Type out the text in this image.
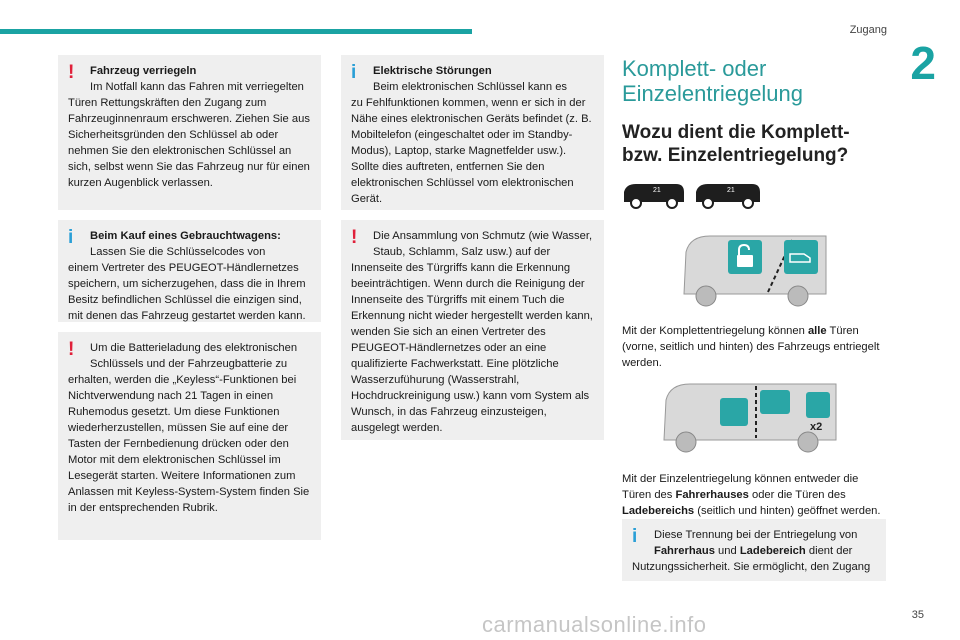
Zugang
2
!	Fahrzeug verriegeln
Im Notfall kann das Fahren mit verriegelten

Türen Rettungskräften den Zugang zum Fahrzeuginnenraum erschweren. Ziehen Sie aus Sicherheitsgründen den Schlüssel ab oder nehmen Sie den elektronischen Schlüssel an sich, selbst wenn Sie das Fahrzeug nur für einen kurzen Augenblick verlassen.

i	Beim Kauf eines Gebrauchtwagens:
Lassen Sie die Schlüsselcodes von

einem Vertreter des PEUGEOT-Händlernetzes speichern, um sicherzugehen, dass die in Ihrem Besitz befindlichen Schlüssel die einzigen sind, mit denen das Fahrzeug gestartet werden kann.

!	Um die Batterieladung des elektronischen Schlüssels und der Fahrzeugbatterie zu

erhalten, werden die „Keyless“-Funktionen bei Nichtverwendung nach 21 Tagen in einen Ruhemodus gesetzt. Um diese Funktionen wiederherzustellen, müssen Sie auf eine der Tasten der Fernbedienung drücken oder den Motor mit dem elektronischen Schlüssel im Lesegerät starten. Weitere Informationen zum Anlassen mit Keyless-System-System finden Sie in der entsprechenden Rubrik.

i	Elektrische Störungen
Beim elektronischen Schlüssel kann es

zu Fehlfunktionen kommen, wenn er sich in der Nähe eines elektronischen Geräts befindet (z. B. Mobiltelefon (eingeschaltet oder im Standby-Modus), Laptop, starke Magnetfelder usw.). Sollte dies auftreten, entfernen Sie den elektronischen Schlüssel vom elektronischen Gerät.

!	Die Ansammlung von Schmutz (wie Wasser, Staub, Schlamm, Salz usw.) auf der

Innenseite des Türgriffs kann die Erkennung beeinträchtigen. Wenn durch die Reinigung der Innenseite des Türgriffs mit einem Tuch die Erkennung nicht wieder hergestellt werden kann, wenden Sie sich an einen Vertreter des PEUGEOT-Händlernetzes oder an eine qualifizierte Fachwerkstatt. Eine plötzliche Wasserzufühurung (Wasserstrahl, Hochdruckreinigung usw.) kann vom System als Wunsch, in das Fahrzeug einzusteigen, ausgelegt werden.

Komplett- oder Einzelentriegelung
Wozu dient die Komplett- bzw. Einzelentriegelung?
21	21
Mit der Komplettentriegelung können alle Türen (vorne, seitlich und hinten) des Fahrzeugs entriegelt werden.
x2
Mit der Einzelentriegelung können entweder die Türen des Fahrerhauses oder die Türen des Ladebereichs (seitlich und hinten) geöffnet werden.
i	Diese Trennung bei der Entriegelung von
Fahrerhaus und Ladebereich dient der

Nutzungssicherheit. Sie ermöglicht, den Zugang

35
carmanualsonline.info
